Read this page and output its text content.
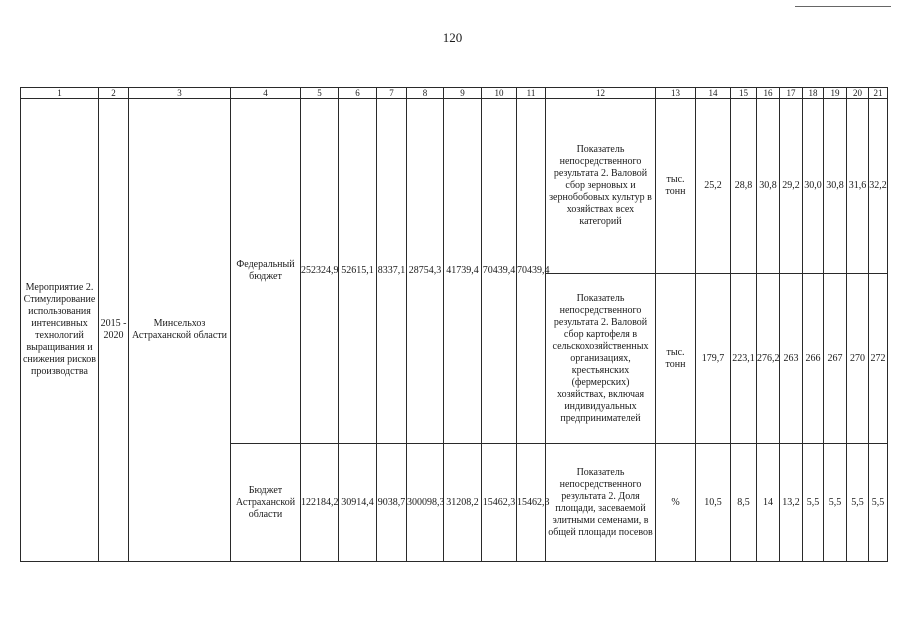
120
1	2	3	4	5	6	7	8	9	10	11	12	13	14	15	16	17	18	19	20	21
Мероприятие 2. Стимулирование использования интенсивных технологий выращивания и снижения рисков производства	2015 - 2020	Минсельхоз Астраханской области	Федеральный бюджет	252324,9	52615,1	8337,1	28754,3	41739,4	70439,4	70439,4	Показатель непосредственного результата 2. Валовой сбор зерновых и зернобобовых культур в хозяйствах всех категорий	тыс. тонн	25,2	28,8	30,8	29,2	30,0	30,8	31,6	32,2
											Показатель непосредственного результата 2. Валовой сбор картофеля в сельскохозяйственных организациях, крестьянских (фермерских) хозяйствах, включая индивидуальных предпринимателей	тыс. тонн	179,7	223,1	276,2	263	266	267	270	272
			Бюджет Астраханской области	122184,2	30914,4	9038,7	300098,3	31208,2	15462,3	15462,3	Показатель непосредственного результата 2. Доля площади, засеваемой элитными семенами, в общей площади посевов	%	10,5	8,5	14	13,2	5,5	5,5	5,5	5,5
